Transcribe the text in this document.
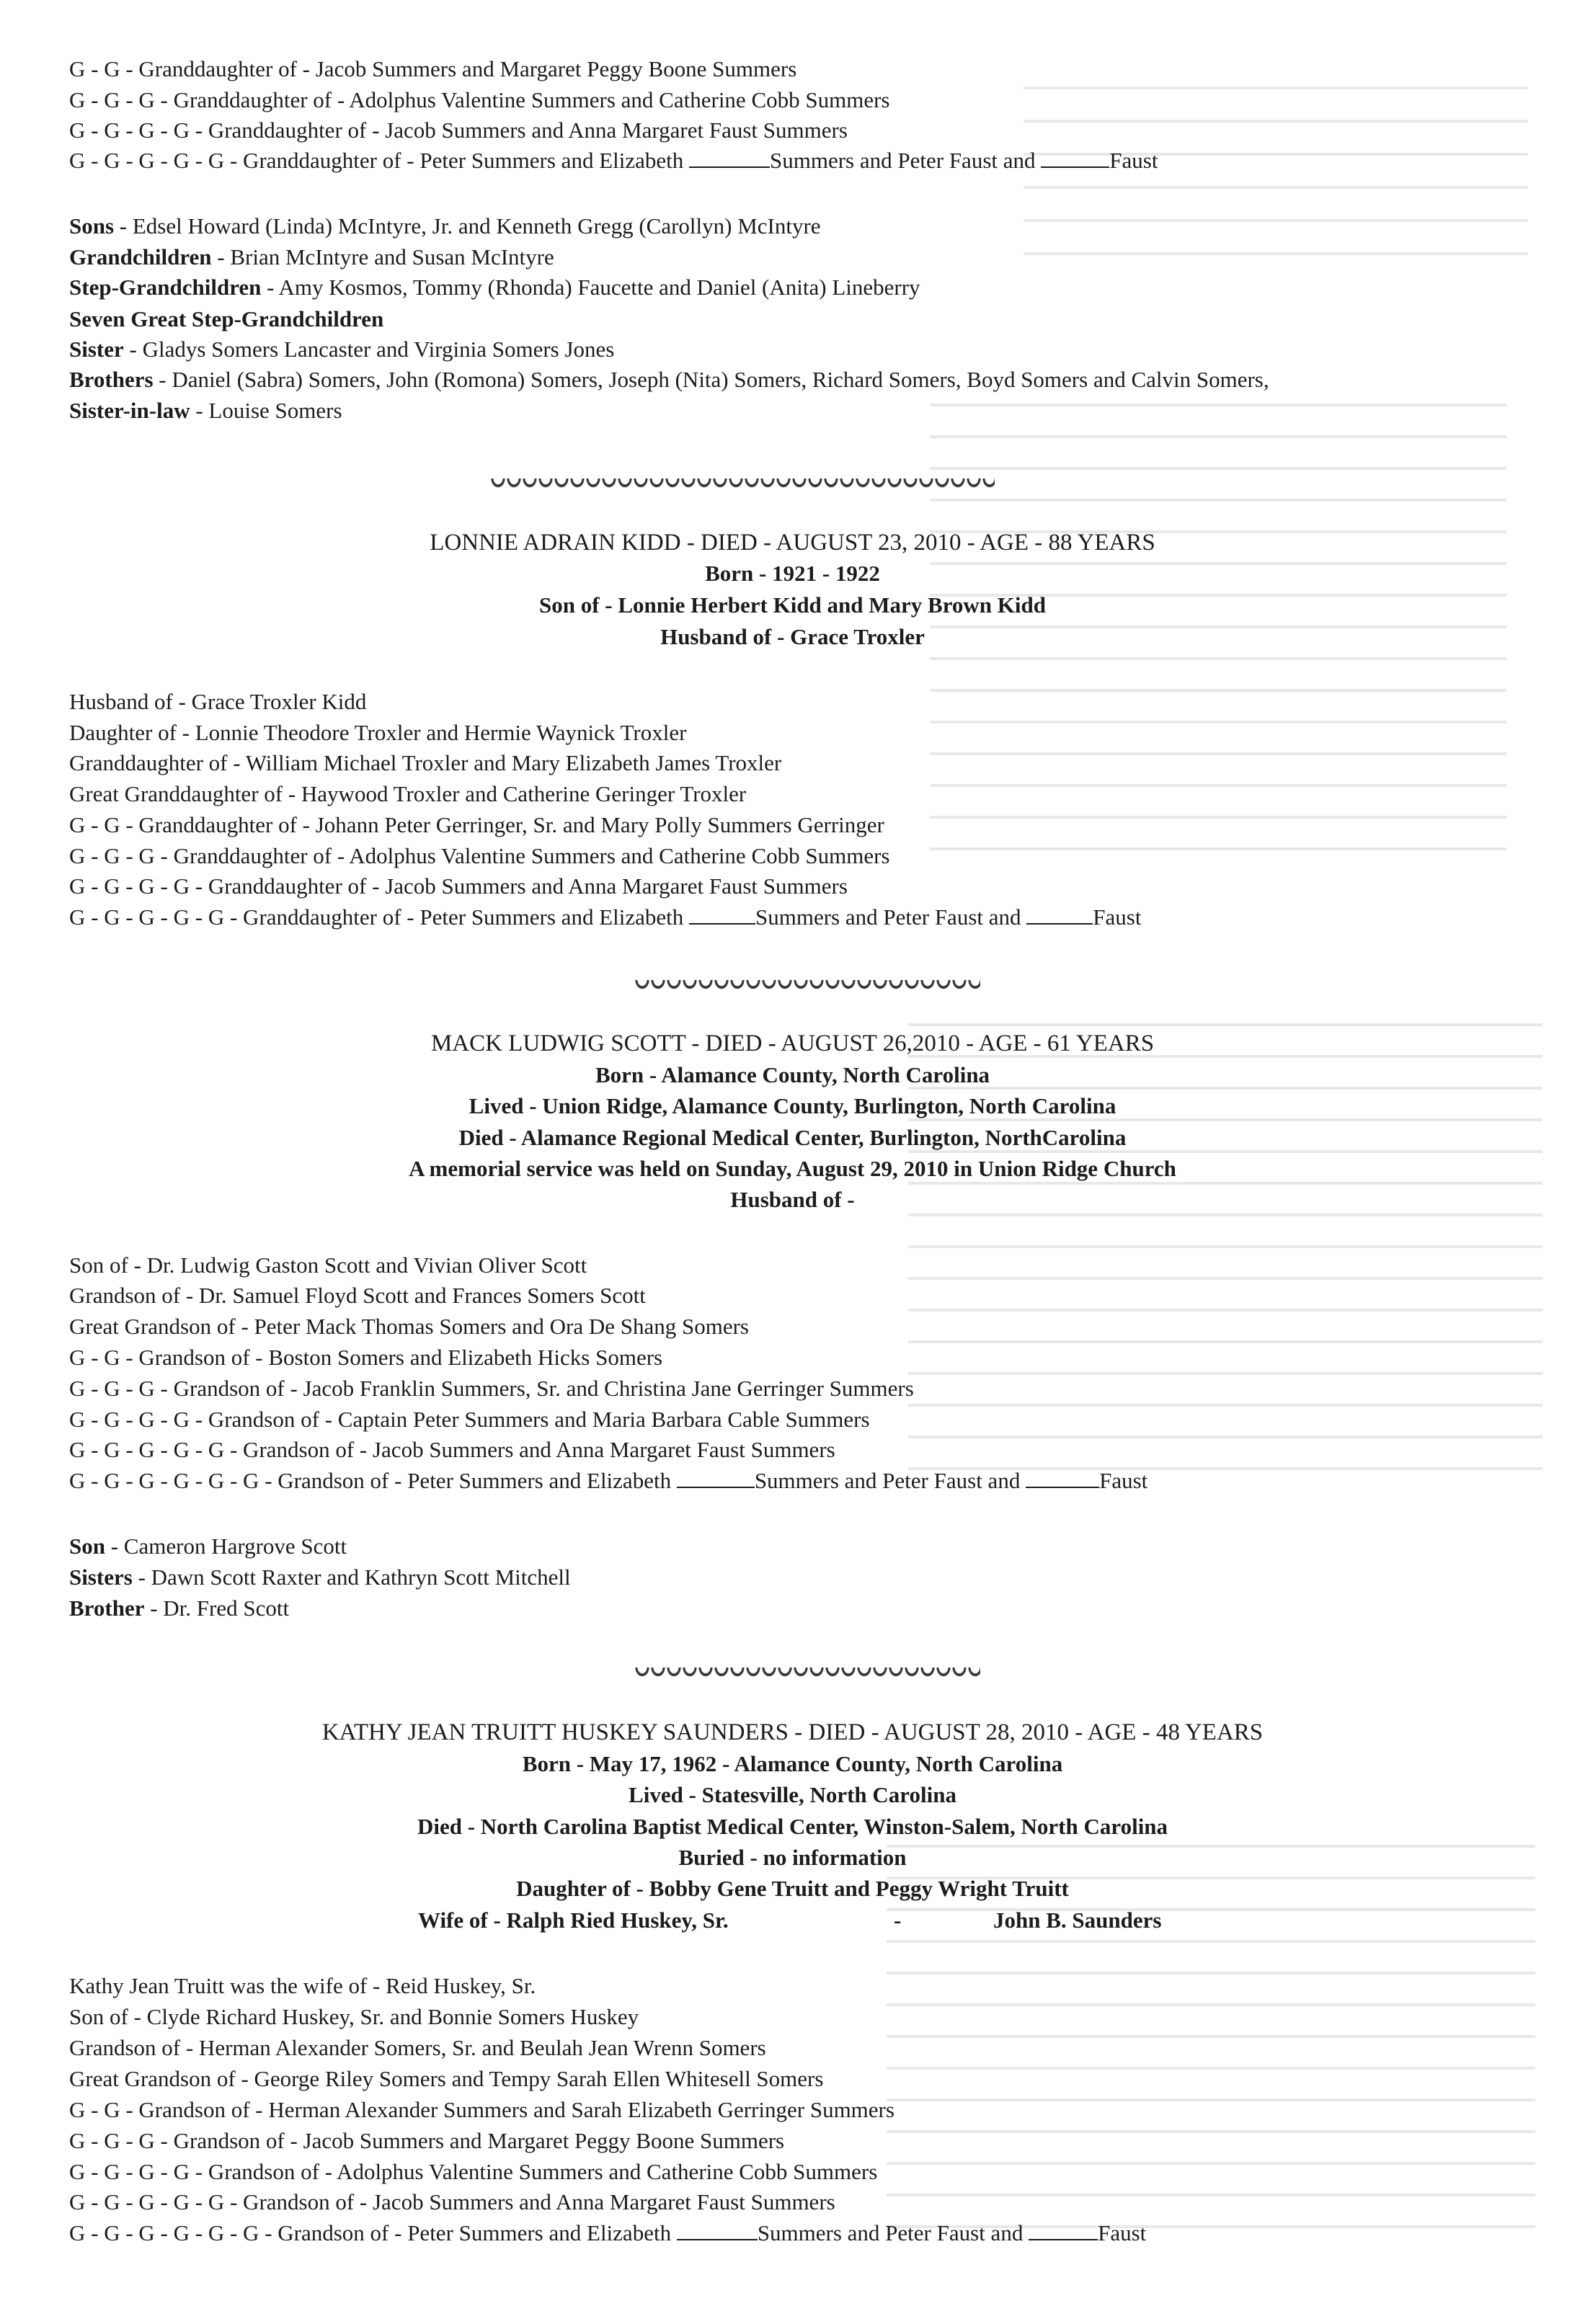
G - G - Granddaughter of - Jacob Summers and Margaret Peggy Boone Summers
G - G - G - Granddaughter of - Adolphus Valentine Summers and Catherine Cobb Summers
G - G - G - G - Granddaughter of - Jacob Summers and Anna Margaret Faust Summers
G - G - G - G - G - Granddaughter of - Peter Summers and Elizabeth	Summers and Peter Faust and	Faust
Sons - Edsel Howard (Linda) McIntyre, Jr. and Kenneth Gregg (Carollyn) McIntyre
Grandchildren - Brian McIntyre and Susan McIntyre
Step-Grandchildren - Amy Kosmos, Tommy (Rhonda) Faucette and Daniel (Anita) Lineberry
Seven Great Step-Grandchildren
Sister - Gladys Somers Lancaster and Virginia Somers Jones
Brothers - Daniel (Sabra) Somers, John (Romona) Somers, Joseph (Nita) Somers, Richard Somers, Boyd Somers and Calvin Somers,
Sister-in-law - Louise Somers
LONNIE ADRAIN KIDD - DIED - AUGUST 23, 2010 - AGE - 88 YEARS
Born - 1921 - 1922
Son of - Lonnie Herbert Kidd and Mary Brown Kidd
Husband of - Grace Troxler
Husband of - Grace Troxler Kidd
Daughter of - Lonnie Theodore Troxler and Hermie Waynick Troxler
Granddaughter of - William Michael Troxler and Mary Elizabeth James Troxler
Great Granddaughter of - Haywood Troxler and Catherine Geringer Troxler
G - G - Granddaughter of - Johann Peter Gerringer, Sr. and Mary Polly Summers Gerringer
G - G - G - Granddaughter of - Adolphus Valentine Summers and Catherine Cobb Summers
G - G - G - G - Granddaughter of - Jacob Summers and Anna Margaret Faust Summers
G - G - G - G - G - Granddaughter of - Peter Summers and Elizabeth	Summers and Peter Faust and	Faust
MACK LUDWIG SCOTT - DIED - AUGUST 26,2010 - AGE - 61 YEARS
Born - Alamance County, North Carolina
Lived - Union Ridge, Alamance County, Burlington, North Carolina
Died - Alamance Regional Medical Center, Burlington, NorthCarolina
A memorial service was held on Sunday, August 29, 2010 in Union Ridge Church
Husband of -
Son of - Dr. Ludwig Gaston Scott and Vivian Oliver Scott
Grandson of - Dr. Samuel Floyd Scott and Frances Somers Scott
Great Grandson of - Peter Mack Thomas Somers and Ora De Shang Somers
G - G - Grandson of - Boston Somers and Elizabeth Hicks Somers
G - G - G - Grandson of - Jacob Franklin Summers, Sr. and Christina Jane Gerringer Summers
G - G - G - G - Grandson of - Captain Peter Summers and Maria Barbara Cable Summers
G - G - G - G - G - Grandson of - Jacob Summers and Anna Margaret Faust Summers
G - G - G - G - G - G - Grandson of - Peter Summers and Elizabeth	Summers and Peter Faust and	Faust
Son - Cameron Hargrove Scott
Sisters - Dawn Scott Raxter and Kathryn Scott Mitchell
Brother - Dr. Fred Scott
KATHY JEAN TRUITT HUSKEY SAUNDERS - DIED - AUGUST 28, 2010 - AGE - 48 YEARS
Born - May 17, 1962 - Alamance County, North Carolina
Lived - Statesville, North Carolina
Died - North Carolina Baptist Medical Center, Winston-Salem, North Carolina
Buried - no information
Daughter of - Bobby Gene Truitt and Peggy Wright Truitt
Wife of - Ralph Ried Huskey, Sr.	-	John B. Saunders
Kathy Jean Truitt was the wife of - Reid Huskey, Sr.
Son of - Clyde Richard Huskey, Sr. and Bonnie Somers Huskey
Grandson of - Herman Alexander Somers, Sr. and Beulah Jean Wrenn Somers
Great Grandson of - George Riley Somers and Tempy Sarah Ellen Whitesell Somers
G - G - Grandson of - Herman Alexander Summers and Sarah Elizabeth Gerringer Summers
G - G - G - Grandson of - Jacob Summers and Margaret Peggy Boone Summers
G - G - G - G - Grandson of - Adolphus Valentine Summers and Catherine Cobb Summers
G - G - G - G - G - Grandson of - Jacob Summers and Anna Margaret Faust Summers
G - G - G - G - G - G - Grandson of - Peter Summers and Elizabeth	Summers and Peter Faust and	Faust
